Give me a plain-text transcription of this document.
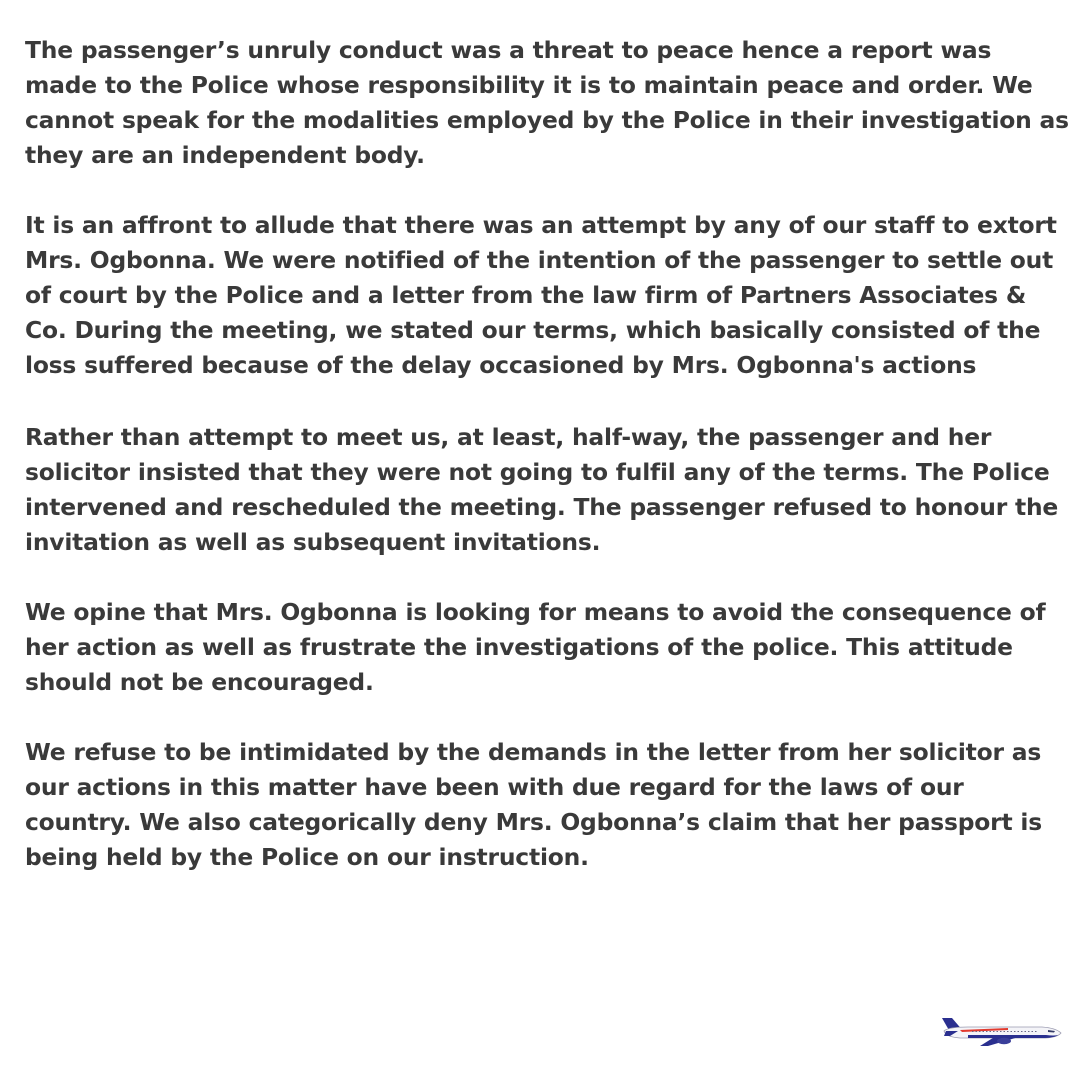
The passenger’s unruly conduct was a threat to peace hence a report was made to the Police whose responsibility it is to maintain peace and order. We cannot speak for the modalities employed by the Police in their investigation as they are an independent body.

It is an affront to allude that there was an attempt by any of our staff to extort Mrs. Ogbonna. We were notified of the intention of the passenger to settle out of court by the Police and a letter from the law firm of Partners Associates & Co. During the meeting, we stated our terms, which basically consisted of the loss suffered because of the delay occasioned by Mrs. Ogbonna's actions

Rather than attempt to meet us, at least, half-way, the passenger and her solicitor insisted that they were not going to fulfil any of the terms. The Police intervened and rescheduled the meeting. The passenger refused to honour the invitation as well as subsequent invitations.

We opine that Mrs. Ogbonna is looking for means to avoid the consequence of her action as well as frustrate the investigations of the police. This attitude should not be encouraged.

We refuse to be intimidated by the demands in the letter from her solicitor as our actions in this matter have been with due regard for the laws of our country. We also categorically deny Mrs. Ogbonna’s claim that her passport is being held by the Police on our instruction.
